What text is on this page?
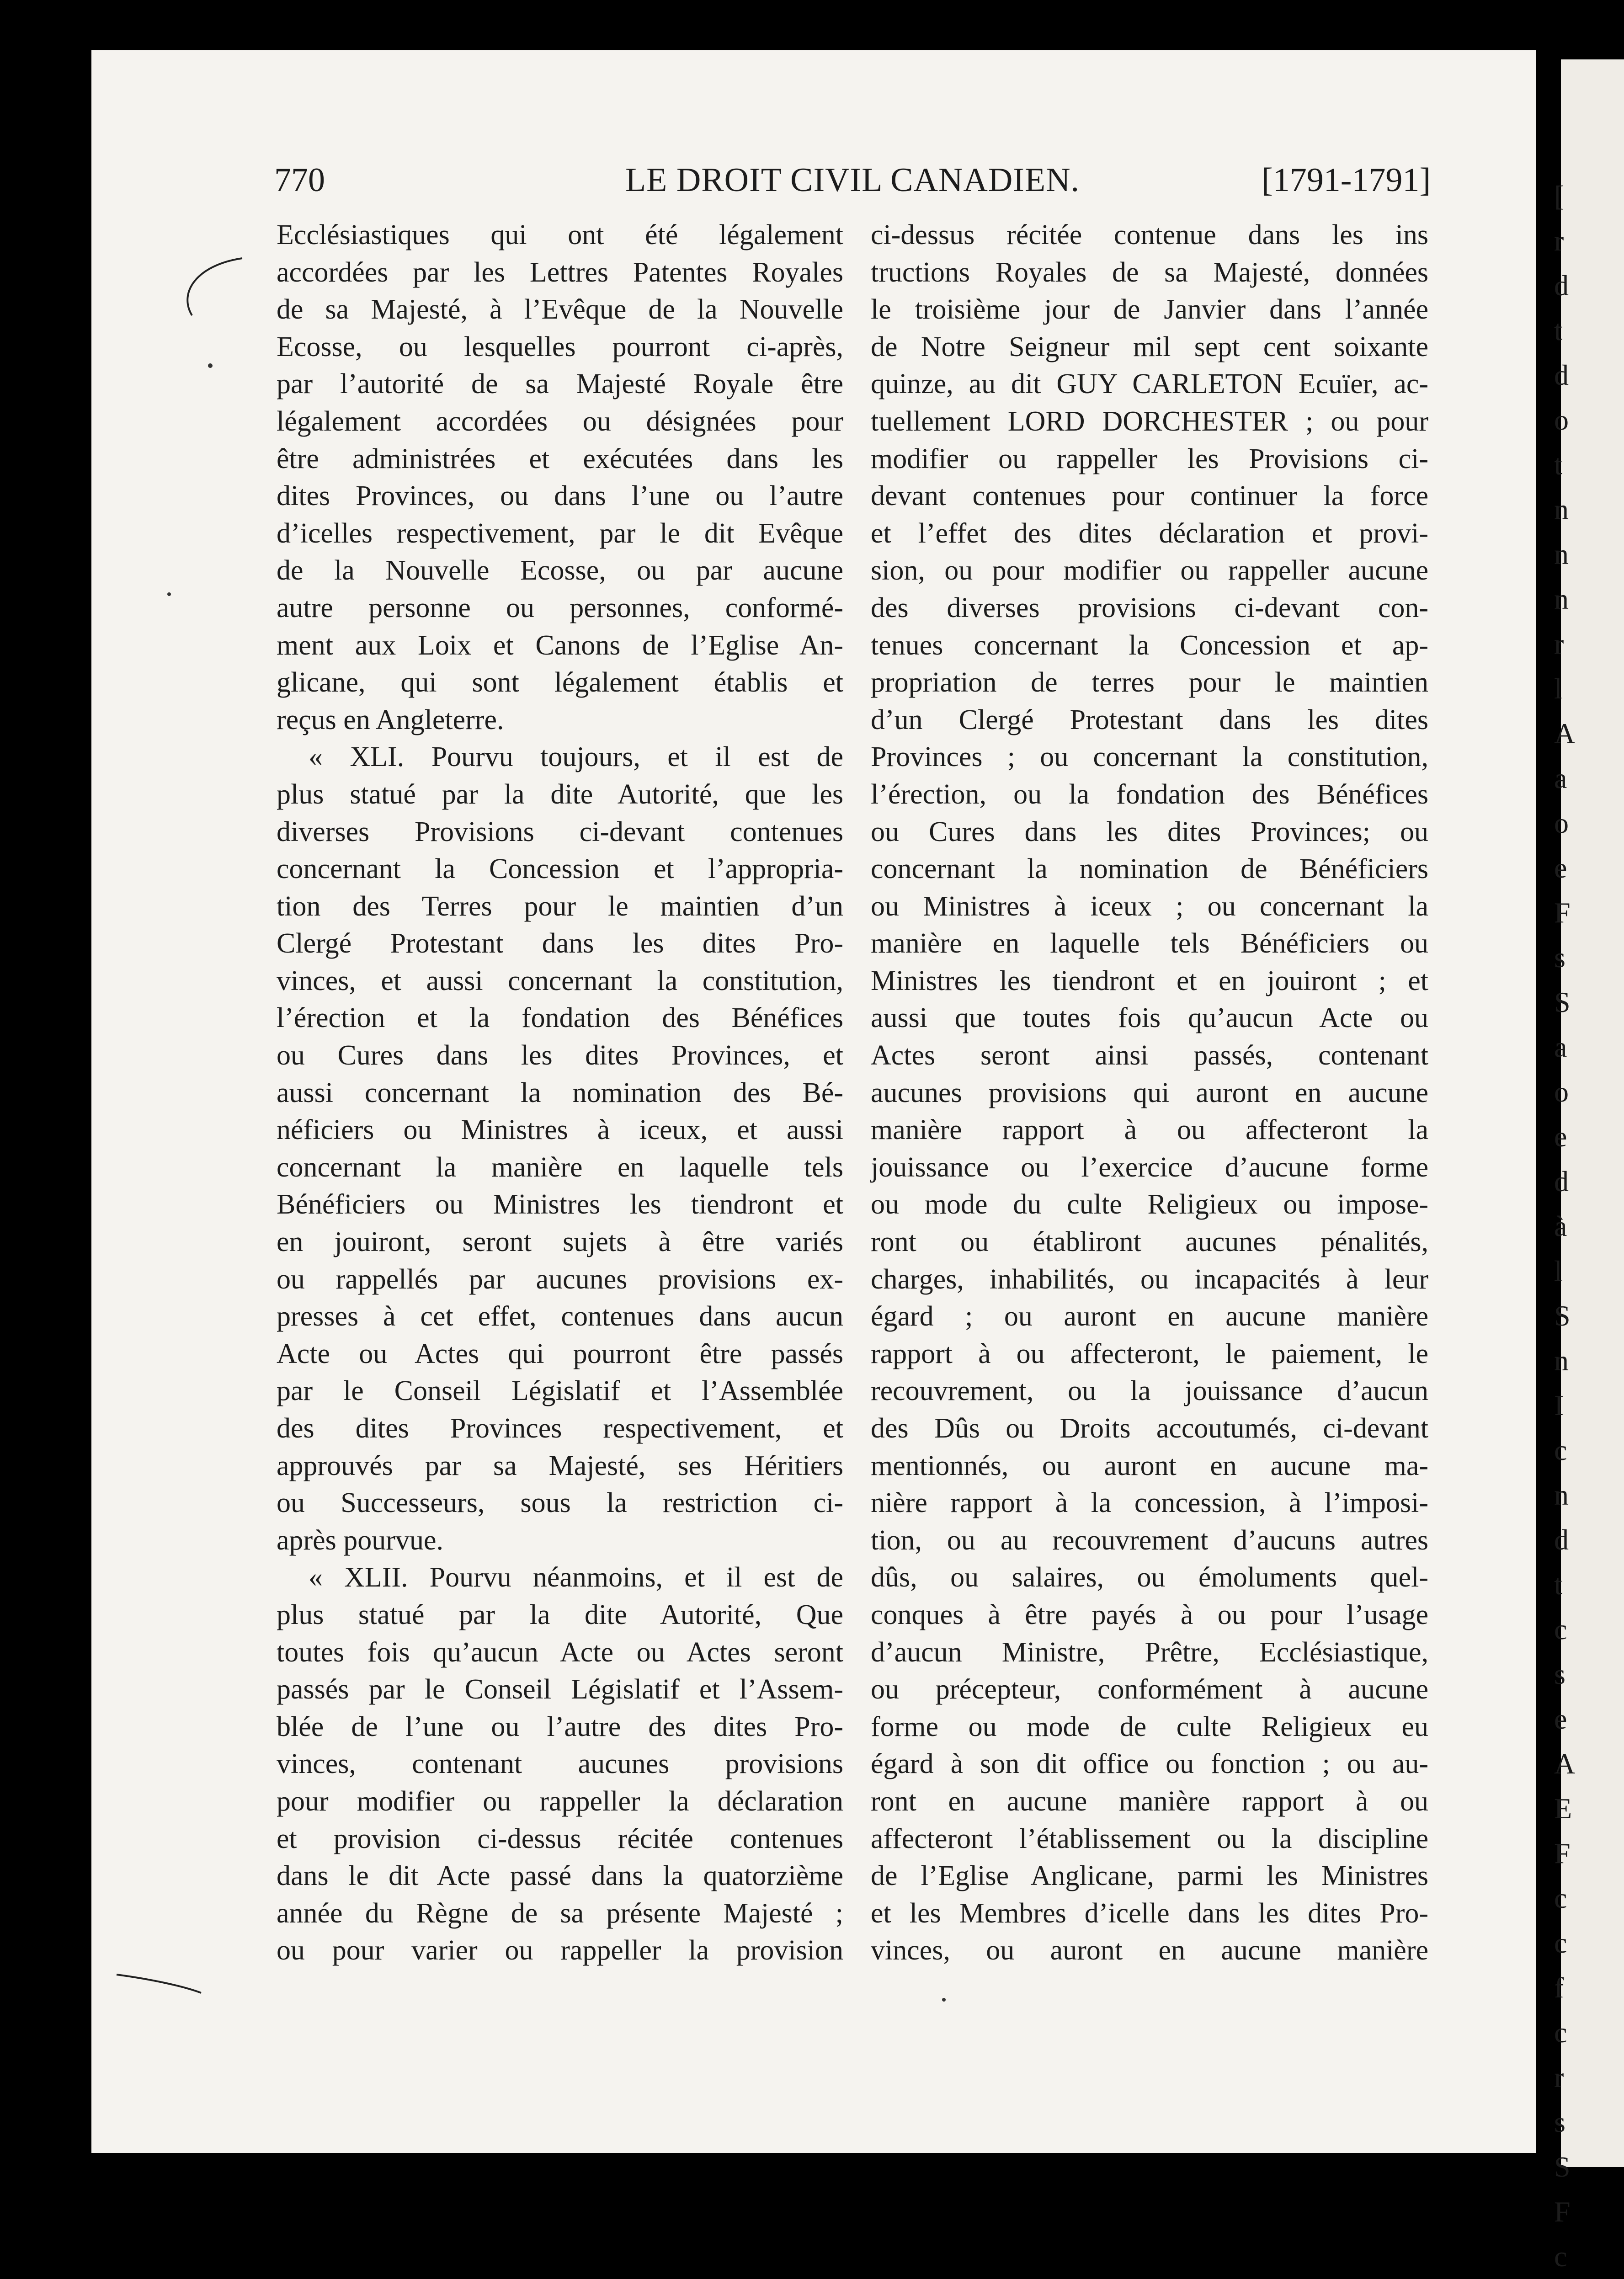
770	LE DROIT CIVIL CANADIEN.	[1791-1791]
Ecclésiastiques qui ont été légalement
accordées par les Lettres Patentes Royales
de sa Majesté, à l’Evêque de la Nouvelle
Ecosse, ou lesquelles pourront ci-après,
par l’autorité de sa Majesté Royale être
légalement accordées ou désignées pour
être administrées et exécutées dans les
dites Provinces, ou dans l’une ou l’autre
d’icelles respectivement, par le dit Evêque
de la Nouvelle Ecosse, ou par aucune
autre personne ou personnes, conformé-
ment aux Loix et Canons de l’Eglise An-
glicane, qui sont légalement établis et
reçus en Angleterre.
« XLI. Pourvu toujours, et il est de
plus statué par la dite Autorité, que les
diverses Provisions ci-devant contenues
concernant la Concession et l’appropria-
tion des Terres pour le maintien d’un
Clergé Protestant dans les dites Pro-
vinces, et aussi concernant la constitution,
l’érection et la fondation des Bénéfices
ou Cures dans les dites Provinces, et
aussi concernant la nomination des Bé-
néficiers ou Ministres à iceux, et aussi
concernant la manière en laquelle tels
Bénéficiers ou Ministres les tiendront et
en jouiront, seront sujets à être variés
ou rappellés par aucunes provisions ex-
presses à cet effet, contenues dans aucun
Acte ou Actes qui pourront être passés
par le Conseil Législatif et l’Assemblée
des dites Provinces respectivement, et
approuvés par sa Majesté, ses Héritiers
ou Successeurs, sous la restriction ci-
après pourvue.
« XLII. Pourvu néanmoins, et il est de
plus statué par la dite Autorité, Que
toutes fois qu’aucun Acte ou Actes seront
passés par le Conseil Législatif et l’Assem-
blée de l’une ou l’autre des dites Pro-
vinces, contenant aucunes provisions
pour modifier ou rappeller la déclaration
et provision ci-dessus récitée contenues
dans le dit Acte passé dans la quatorzième
année du Règne de sa présente Majesté ;
ou pour varier ou rappeller la provision
ci-dessus récitée contenue dans les ins
tructions Royales de sa Majesté, données
le troisième jour de Janvier dans l’année
de Notre Seigneur mil sept cent soixante
quinze, au dit GUY CARLETON Ecuïer, ac-
tuellement LORD DORCHESTER ; ou pour
modifier ou rappeller les Provisions ci-
devant contenues pour continuer la force
et l’effet des dites déclaration et provi-
sion, ou pour modifier ou rappeller aucune
des diverses provisions ci-devant con-
tenues concernant la Concession et ap-
propriation de terres pour le maintien
d’un Clergé Protestant dans les dites
Provinces ; ou concernant la constitution,
l’érection, ou la fondation des Bénéfices
ou Cures dans les dites Provinces; ou
concernant la nomination de Bénéficiers
ou Ministres à iceux ; ou concernant la
manière en laquelle tels Bénéficiers ou
Ministres les tiendront et en jouiront ; et
aussi que toutes fois qu’aucun Acte ou
Actes seront ainsi passés, contenant
aucunes provisions qui auront en aucune
manière rapport à ou affecteront la
jouissance ou l’exercice d’aucune forme
ou mode du culte Religieux ou impose-
ront ou établiront aucunes pénalités,
charges, inhabilités, ou incapacités à leur
égard ; ou auront en aucune manière
rapport à ou affecteront, le paiement, le
recouvrement, ou la jouissance d’aucun
des Dûs ou Droits accoutumés, ci-devant
mentionnés, ou auront en aucune ma-
nière rapport à la concession, à l’imposi-
tion, ou au recouvrement d’aucuns autres
dûs, ou salaires, ou émoluments quel-
conques à être payés à ou pour l’usage
d’aucun Ministre, Prêtre, Ecclésiastique,
ou précepteur, conformément à aucune
forme ou mode de culte Religieux eu
égard à son dit office ou fonction ; ou au-
ront en aucune manière rapport à ou
affecteront l’établissement ou la discipline
de l’Eglise Anglicane, parmi les Ministres
et les Membres d’icelle dans les dites Pro-
vinces, ou auront en aucune manière
[
r
d
t
d
o
t
n
n
n
r
l
A
a
o
e
F
s
S
a
o
e
d
à
l
S
n
I
c
n
d
t
c
s
e
A
E
F
c
c
f
c
r
s
S
F
c
